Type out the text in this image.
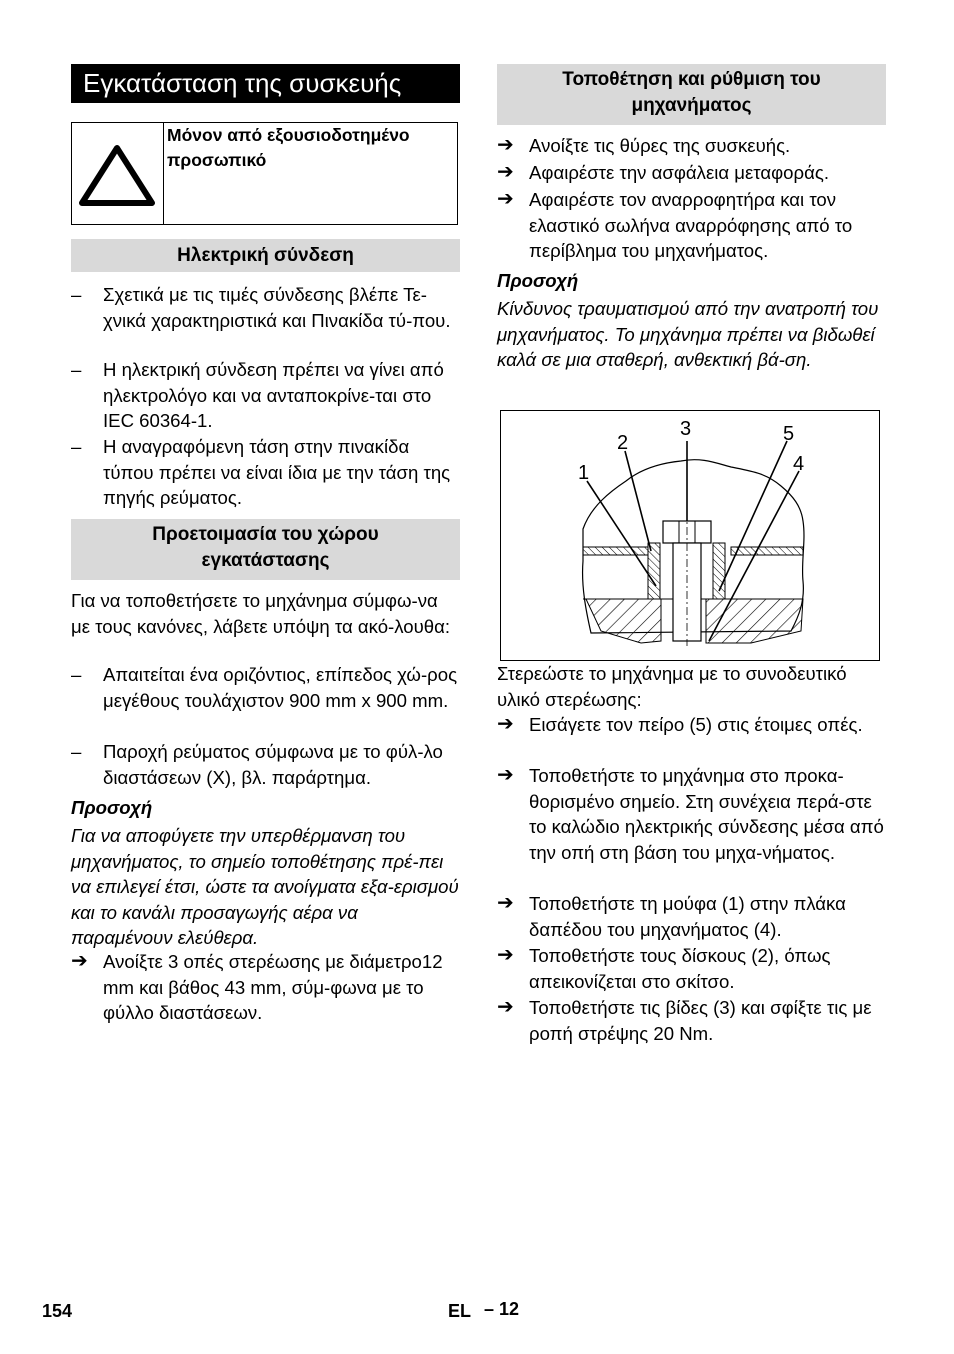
Εγκατάσταση της συσκευής
Μόνον από εξουσιοδοτημένο προσωπικό
Ηλεκτρική σύνδεση
–	Σχετικά με τις τιμές σύνδεσης βλέπε Τε-χνικά χαρακτηριστικά και Πινακίδα τύ-που.
–	Η ηλεκτρική σύνδεση πρέπει να γίνει από ηλεκτρολόγο και να ανταποκρίνε-ται στο IEC 60364-1.
–	Η αναγραφόμενη τάση στην πινακίδα τύπου πρέπει να είναι ίδια με την τάση της πηγής ρεύματος.
Προετοιμασία του χώρου εγκατάστασης
Για να τοποθετήσετε το μηχάνημα σύμφω-να με τους κανόνες, λάβετε υπόψη τα ακό-λουθα:
–	Απαιτείται ένα οριζόντιος, επίπεδος χώ-ρος μεγέθους τουλάχιστον 900 mm x 900 mm.
–	Παροχή ρεύματος σύμφωνα με το φύλ-λο διαστάσεων (X), βλ. παράρτημα.
Προσοχή
Για να αποφύγετε την υπερθέρμανση του μηχανήματος, το σημείο τοποθέτησης πρέ-πει να επιλεγεί έτσι, ώστε τα ανοίγματα εξα-ερισμού και το κανάλι προσαγωγής αέρα να παραμένουν ελεύθερα.
➔ Ανοίξτε 3 οπές στερέωσης με διάμετρο12 mm και βάθος 43 mm, σύμ-φωνα με το φύλλο διαστάσεων.
Τοποθέτηση και ρύθμιση του μηχανήματος
➔ Ανοίξτε τις θύρες της συσκευής.
➔ Αφαιρέστε την ασφάλεια μεταφοράς.
➔ Αφαιρέστε τον αναρροφητήρα και τον ελαστικό σωλήνα αναρρόφησης από το περίβλημα του μηχανήματος.
Προσοχή
Κίνδυνος τραυματισμού από την ανατροπή του μηχανήματος. Το μηχάνημα πρέπει να βιδωθεί καλά σε μια σταθερή, ανθεκτική βά-ση.
1
2
3
4
5
Στερεώστε το μηχάνημα με το συνοδευτικό υλικό στερέωσης:
➔ Εισάγετε τον πείρο (5) στις έτοιμες οπές.
➔ Τοποθετήστε το μηχάνημα στο προκα-θορισμένο σημείο. Στη συνέχεια περά-στε το καλώδιο ηλεκτρικής σύνδεσης μέσα από την οπή στη βάση του μηχα-νήματος.
➔ Τοποθετήστε τη μούφα (1) στην πλάκα δαπέδου του μηχανήματος (4).
➔ Τοποθετήστε τους δίσκους (2), όπως απεικονίζεται στο σκίτσο.
➔ Τοποθετήστε τις βίδες (3) και σφίξτε τις με ροπή στρέψης 20 Nm.
154	EL – 12
